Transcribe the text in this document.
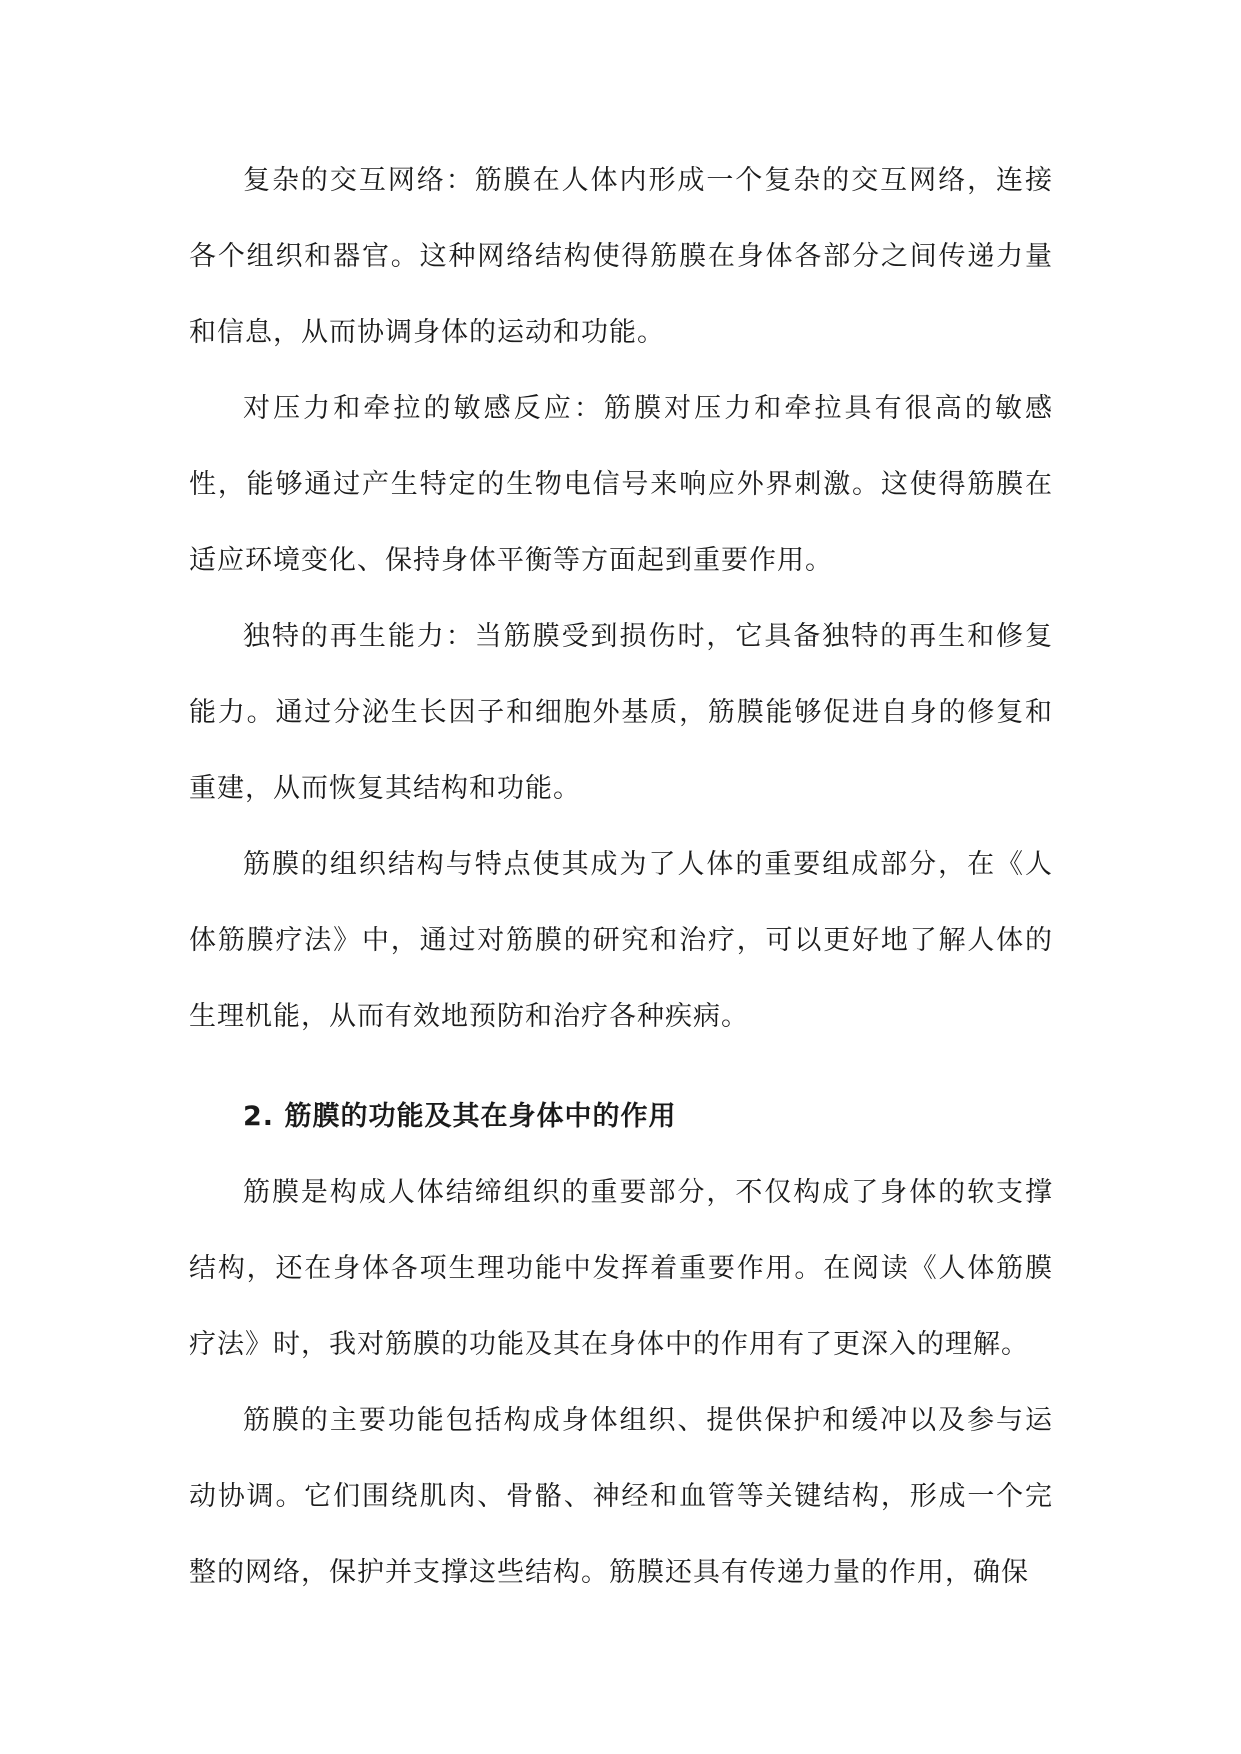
复杂的交互网络：筋膜在人体内形成一个复杂的交互网络，连接各个组织和器官。这种网络结构使得筋膜在身体各部分之间传递力量和信息，从而协调身体的运动和功能。

对压力和牵拉的敏感反应：筋膜对压力和牵拉具有很高的敏感性，能够通过产生特定的生物电信号来响应外界刺激。这使得筋膜在适应环境变化、保持身体平衡等方面起到重要作用。

独特的再生能力：当筋膜受到损伤时，它具备独特的再生和修复能力。通过分泌生长因子和细胞外基质，筋膜能够促进自身的修复和重建，从而恢复其结构和功能。

筋膜的组织结构与特点使其成为了人体的重要组成部分，在《人体筋膜疗法》中，通过对筋膜的研究和治疗，可以更好地了解人体的生理机能，从而有效地预防和治疗各种疾病。

2. 筋膜的功能及其在身体中的作用

筋膜是构成人体结缔组织的重要部分，不仅构成了身体的软支撑结构，还在身体各项生理功能中发挥着重要作用。在阅读《人体筋膜疗法》时，我对筋膜的功能及其在身体中的作用有了更深入的理解。

筋膜的主要功能包括构成身体组织、提供保护和缓冲以及参与运动协调。它们围绕肌肉、骨骼、神经和血管等关键结构，形成一个完整的网络，保护并支撑这些结构。筋膜还具有传递力量的作用，确保
